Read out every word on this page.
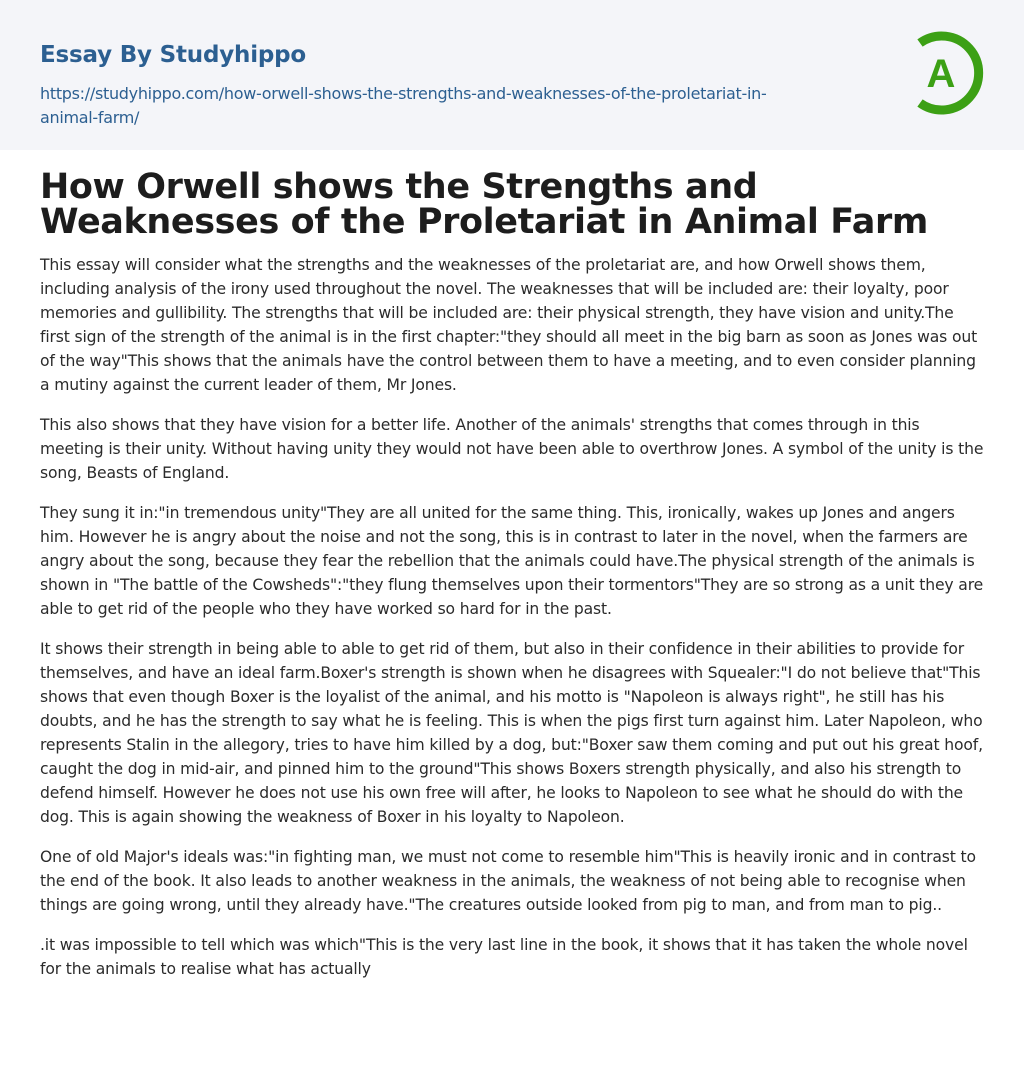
Essay By Studyhippo

https://studyhippo.com/how-orwell-shows-the-strengths-and-weaknesses-of-the-proletariat-in-animal-farm/
A
How Orwell shows the Strengths and Weaknesses of the Proletariat in Animal Farm

This essay will consider what the strengths and the weaknesses of the proletariat are, and how Orwell shows them, including analysis of the irony used throughout the novel. The weaknesses that will be included are: their loyalty, poor memories and gullibility. The strengths that will be included are: their physical strength, they have vision and unity.The first sign of the strength of the animal is in the first chapter:"they should all meet in the big barn as soon as Jones was out of the way"This shows that the animals have the control between them to have a meeting, and to even consider planning a mutiny against the current leader of them, Mr Jones.

This also shows that they have vision for a better life. Another of the animals' strengths that comes through in this meeting is their unity. Without having unity they would not have been able to overthrow Jones. A symbol of the unity is the song, Beasts of England.

They sung it in:"in tremendous unity"They are all united for the same thing. This, ironically, wakes up Jones and angers him. However he is angry about the noise and not the song, this is in contrast to later in the novel, when the farmers are angry about the song, because they fear the rebellion that the animals could have.The physical strength of the animals is shown in "The battle of the Cowsheds":"they flung themselves upon their tormentors"They are so strong as a unit they are able to get rid of the people who they have worked so hard for in the past.

It shows their strength in being able to able to get rid of them, but also in their confidence in their abilities to provide for themselves, and have an ideal farm.Boxer's strength is shown when he disagrees with Squealer:"I do not believe that"This shows that even though Boxer is the loyalist of the animal, and his motto is "Napoleon is always right", he still has his doubts, and he has the strength to say what he is feeling. This is when the pigs first turn against him. Later Napoleon, who represents Stalin in the allegory, tries to have him killed by a dog, but:"Boxer saw them coming and put out his great hoof, caught the dog in mid-air, and pinned him to the ground"This shows Boxers strength physically, and also his strength to defend himself. However he does not use his own free will after, he looks to Napoleon to see what he should do with the dog. This is again showing the weakness of Boxer in his loyalty to Napoleon.

One of old Major's ideals was:"in fighting man, we must not come to resemble him"This is heavily ironic and in contrast to the end of the book. It also leads to another weakness in the animals, the weakness of not being able to recognise when things are going wrong, until they already have."The creatures outside looked from pig to man, and from man to pig..

.it was impossible to tell which was which"This is the very last line in the book, it shows that it has taken the whole novel for the animals to realise what has actually
